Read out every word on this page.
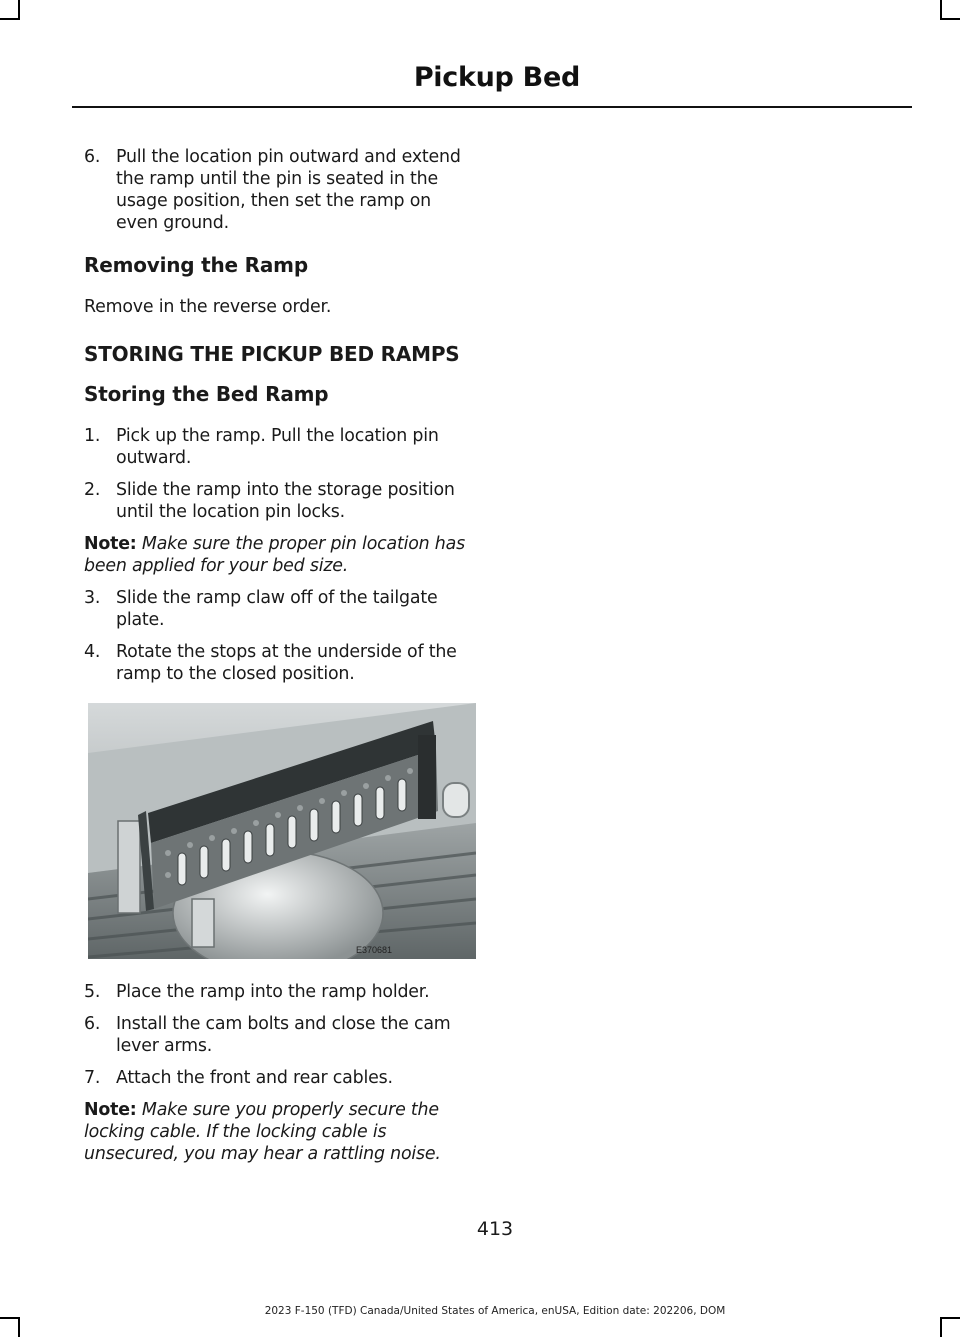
Pickup Bed
6. Pull the location pin outward and extend the ramp until the pin is seated in the usage position, then set the ramp on even ground.
Removing the Ramp
Remove in the reverse order.
STORING THE PICKUP BED RAMPS
Storing the Bed Ramp
1. Pick up the ramp. Pull the location pin outward.
2. Slide the ramp into the storage position until the location pin locks.
Note: Make sure the proper pin location has been applied for your bed size.
3. Slide the ramp claw off of the tailgate plate.
4. Rotate the stops at the underside of the ramp to the closed position.
E370681
5. Place the ramp into the ramp holder.
6. Install the cam bolts and close the cam lever arms.
7. Attach the front and rear cables.
Note: Make sure you properly secure the locking cable. If the locking cable is unsecured, you may hear a rattling noise.
413
2023 F-150 (TFD) Canada/United States of America, enUSA, Edition date: 202206, DOM
